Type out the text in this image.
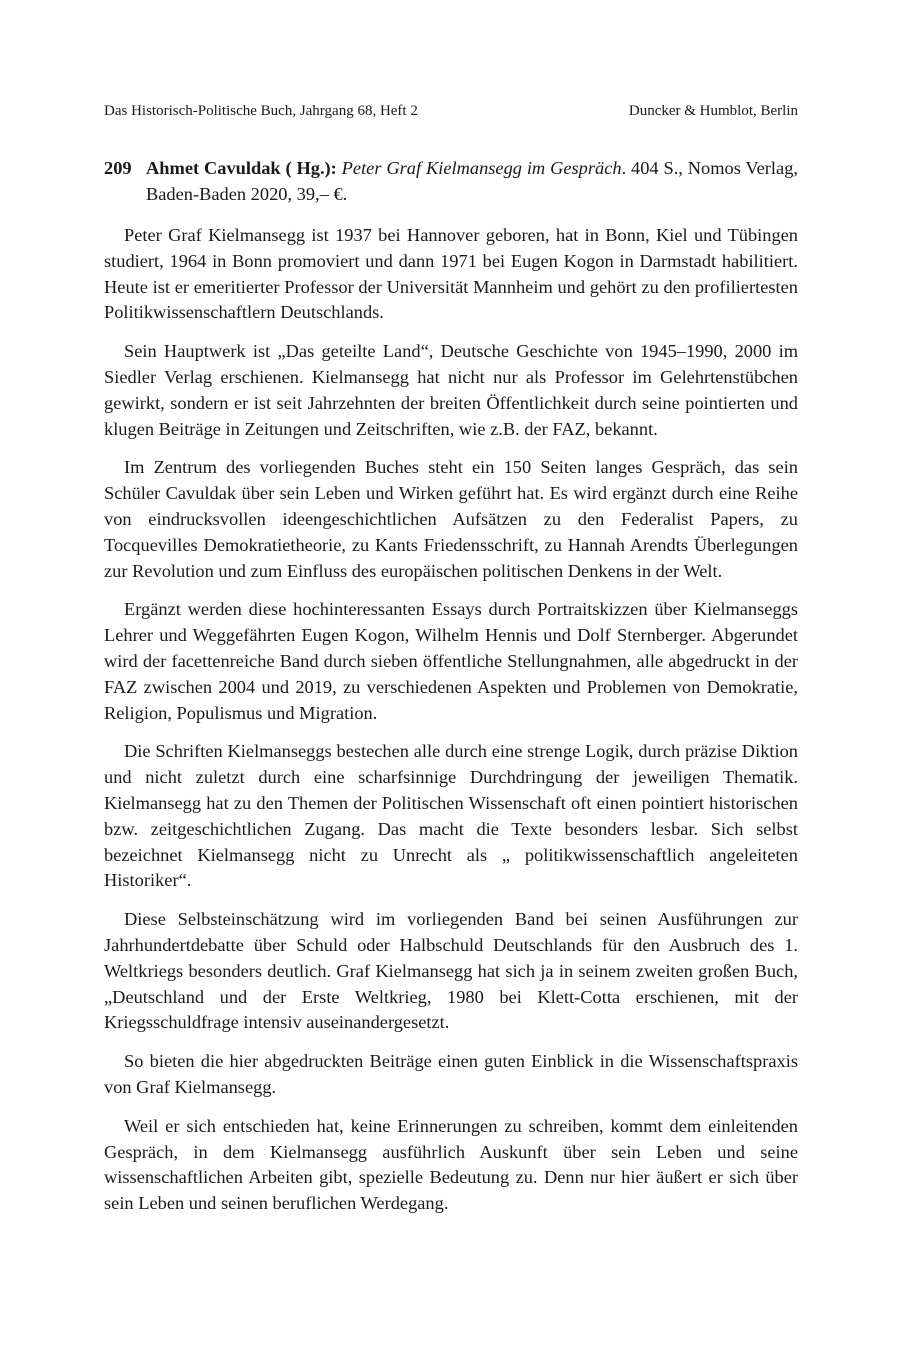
Das Historisch-Politische Buch, Jahrgang 68, Heft 2	Duncker & Humblot, Berlin
209 Ahmet Cavuldak ( Hg.): Peter Graf Kielmansegg im Gespräch. 404 S., Nomos Verlag, Baden-Baden 2020, 39,– €.

Peter Graf Kielmansegg ist 1937 bei Hannover geboren, hat in Bonn, Kiel und Tübingen studiert, 1964 in Bonn promoviert und dann 1971 bei Eugen Kogon in Darmstadt habilitiert. Heute ist er emeritierter Professor der Universität Mannheim und gehört zu den profiliertesten Politikwissenschaftlern Deutschlands.

Sein Hauptwerk ist „Das geteilte Land“, Deutsche Geschichte von 1945–1990, 2000 im Siedler Verlag erschienen. Kielmansegg hat nicht nur als Professor im Gelehrtenstübchen gewirkt, sondern er ist seit Jahrzehnten der breiten Öffentlichkeit durch seine pointierten und klugen Beiträge in Zeitungen und Zeitschriften, wie z.B. der FAZ, bekannt.

Im Zentrum des vorliegenden Buches steht ein 150 Seiten langes Gespräch, das sein Schüler Cavuldak über sein Leben und Wirken geführt hat. Es wird ergänzt durch eine Reihe von eindrucksvollen ideengeschichtlichen Aufsätzen zu den Federalist Papers, zu Tocquevilles Demokratietheorie, zu Kants Friedensschrift, zu Hannah Arendts Überlegungen zur Revolution und zum Einfluss des europäischen politischen Denkens in der Welt.

Ergänzt werden diese hochinteressanten Essays durch Portraitskizzen über Kielmanseggs Lehrer und Weggefährten Eugen Kogon, Wilhelm Hennis und Dolf Sternberger. Abgerundet wird der facettenreiche Band durch sieben öffentliche Stellungnahmen, alle abgedruckt in der FAZ zwischen 2004 und 2019, zu verschiedenen Aspekten und Problemen von Demokratie, Religion, Populismus und Migration.

Die Schriften Kielmanseggs bestechen alle durch eine strenge Logik, durch präzise Diktion und nicht zuletzt durch eine scharfsinnige Durchdringung der jeweiligen Thematik. Kielmansegg hat zu den Themen der Politischen Wissenschaft oft einen pointiert historischen bzw. zeitgeschichtlichen Zugang. Das macht die Texte besonders lesbar. Sich selbst bezeichnet Kielmansegg nicht zu Unrecht als „ politikwissenschaftlich angeleiteten Historiker“.

Diese Selbsteinschätzung wird im vorliegenden Band bei seinen Ausführungen zur Jahrhundertdebatte über Schuld oder Halbschuld Deutschlands für den Ausbruch des 1. Weltkriegs besonders deutlich. Graf Kielmansegg hat sich ja in seinem zweiten großen Buch, „Deutschland und der Erste Weltkrieg, 1980 bei Klett-Cotta erschienen, mit der Kriegsschuldfrage intensiv auseinandergesetzt.

So bieten die hier abgedruckten Beiträge einen guten Einblick in die Wissenschaftspraxis von Graf Kielmansegg.

Weil er sich entschieden hat, keine Erinnerungen zu schreiben, kommt dem einleitenden Gespräch, in dem Kielmansegg ausführlich Auskunft über sein Leben und seine wissenschaftlichen Arbeiten gibt, spezielle Bedeutung zu. Denn nur hier äußert er sich über sein Leben und seinen beruflichen Werdegang.
